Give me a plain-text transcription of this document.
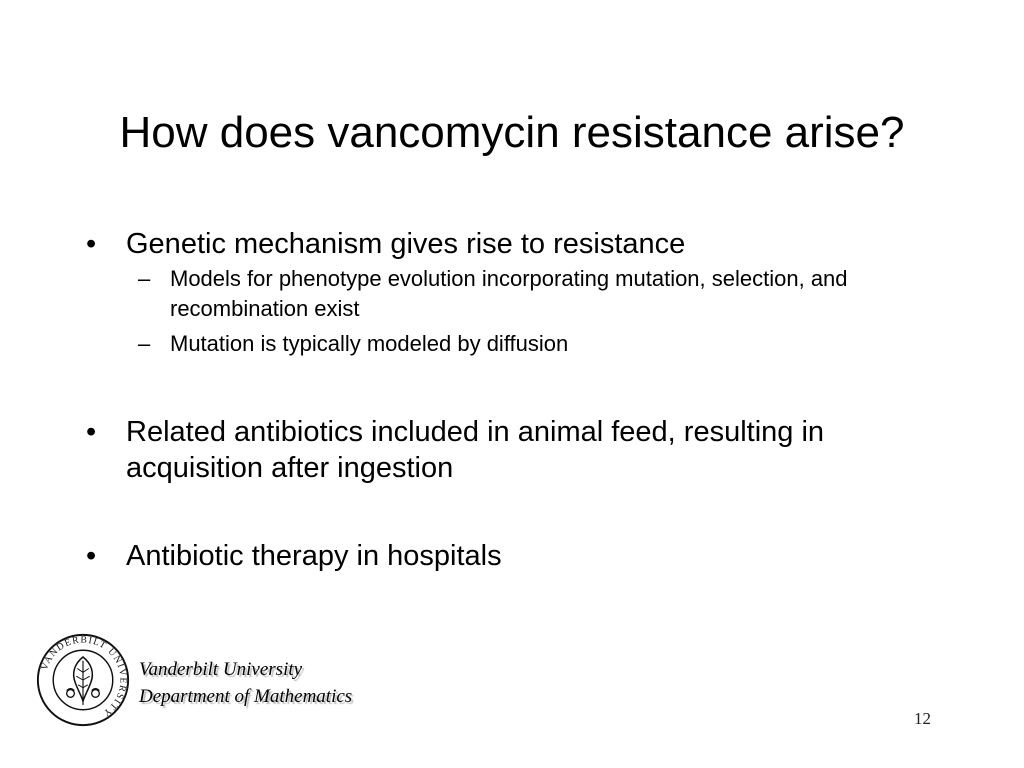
How does vancomycin resistance arise?
• Genetic mechanism gives rise to resistance
– Models for phenotype evolution incorporating mutation, selection, and recombination exist
– Mutation is typically modeled by diffusion
• Related antibiotics included in animal feed, resulting in acquisition after ingestion
• Antibiotic therapy in hospitals
VANDERBILT UNIVERSITY
Vanderbilt University
Department of Mathematics
12
